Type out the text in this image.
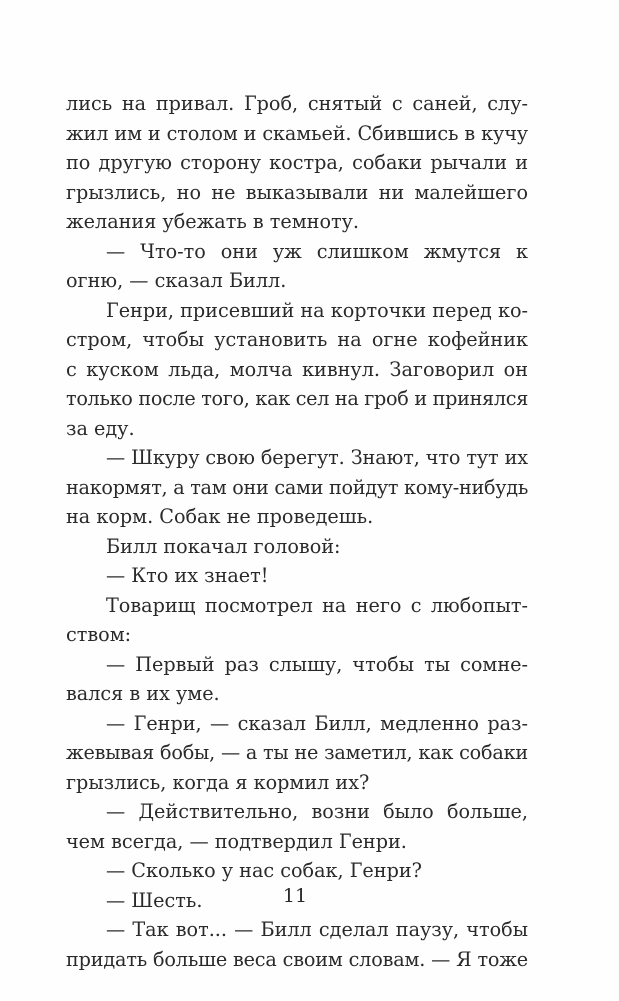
лись на привал. Гроб, снятый с саней, слу-
жил им и столом и скамьей. Сбившись в кучу
по другую сторону костра, собаки рычали и
грызлись, но не выказывали ни малейшего
желания убежать в темноту.
— Что-то они уж слишком жмутся к
огню, — сказал Билл.
Генри, присевший на корточки перед ко-
стром, чтобы установить на огне кофейник
с куском льда, молча кивнул. Заговорил он
только после того, как сел на гроб и принялся
за еду.
— Шкуру свою берегут. Знают, что тут их
накормят, а там они сами пойдут кому-нибудь
на корм. Собак не проведешь.
Билл покачал головой:
— Кто их знает!
Товарищ посмотрел на него с любопыт-
ством:
— Первый раз слышу, чтобы ты сомне-
вался в их уме.
— Генри, — сказал Билл, медленно раз-
жевывая бобы, — а ты не заметил, как собаки
грызлись, когда я кормил их?
— Действительно, возни было больше,
чем всегда, — подтвердил Генри.
— Сколько у нас собак, Генри?
— Шесть.
— Так вот... — Билл сделал паузу, чтобы
придать больше веса своим словам. — Я тоже
11
